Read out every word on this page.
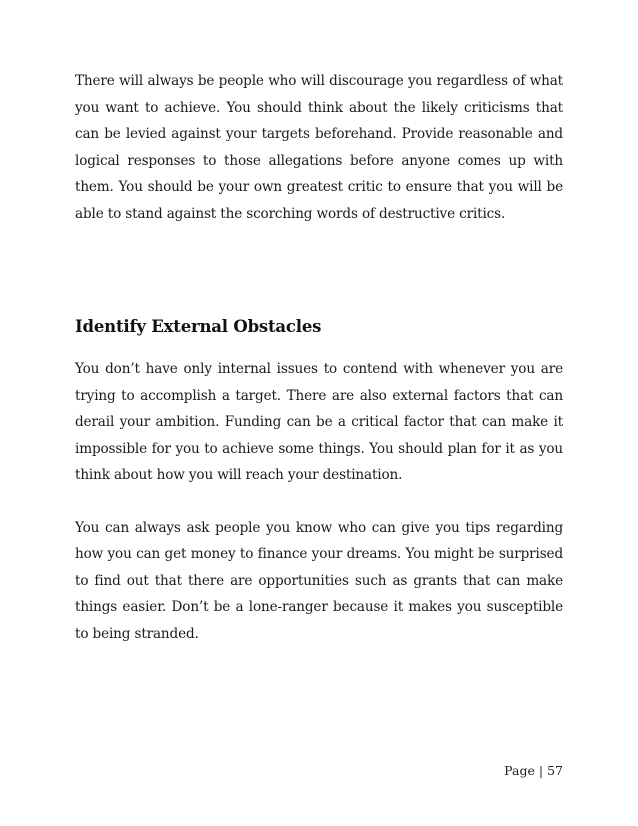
There will always be people who will discourage you regardless of what you want to achieve. You should think about the likely criticisms that can be levied against your targets beforehand. Provide reasonable and logical responses to those allegations before anyone comes up with them. You should be your own greatest critic to ensure that you will be able to stand against the scorching words of destructive critics.

Identify External Obstacles

You don’t have only internal issues to contend with whenever you are trying to accomplish a target. There are also external factors that can derail your ambition. Funding can be a critical factor that can make it impossible for you to achieve some things. You should plan for it as you think about how you will reach your destination.

You can always ask people you know who can give you tips regarding how you can get money to finance your dreams. You might be surprised to find out that there are opportunities such as grants that can make things easier. Don’t be a lone-ranger because it makes you susceptible to being stranded.

Page | 57
